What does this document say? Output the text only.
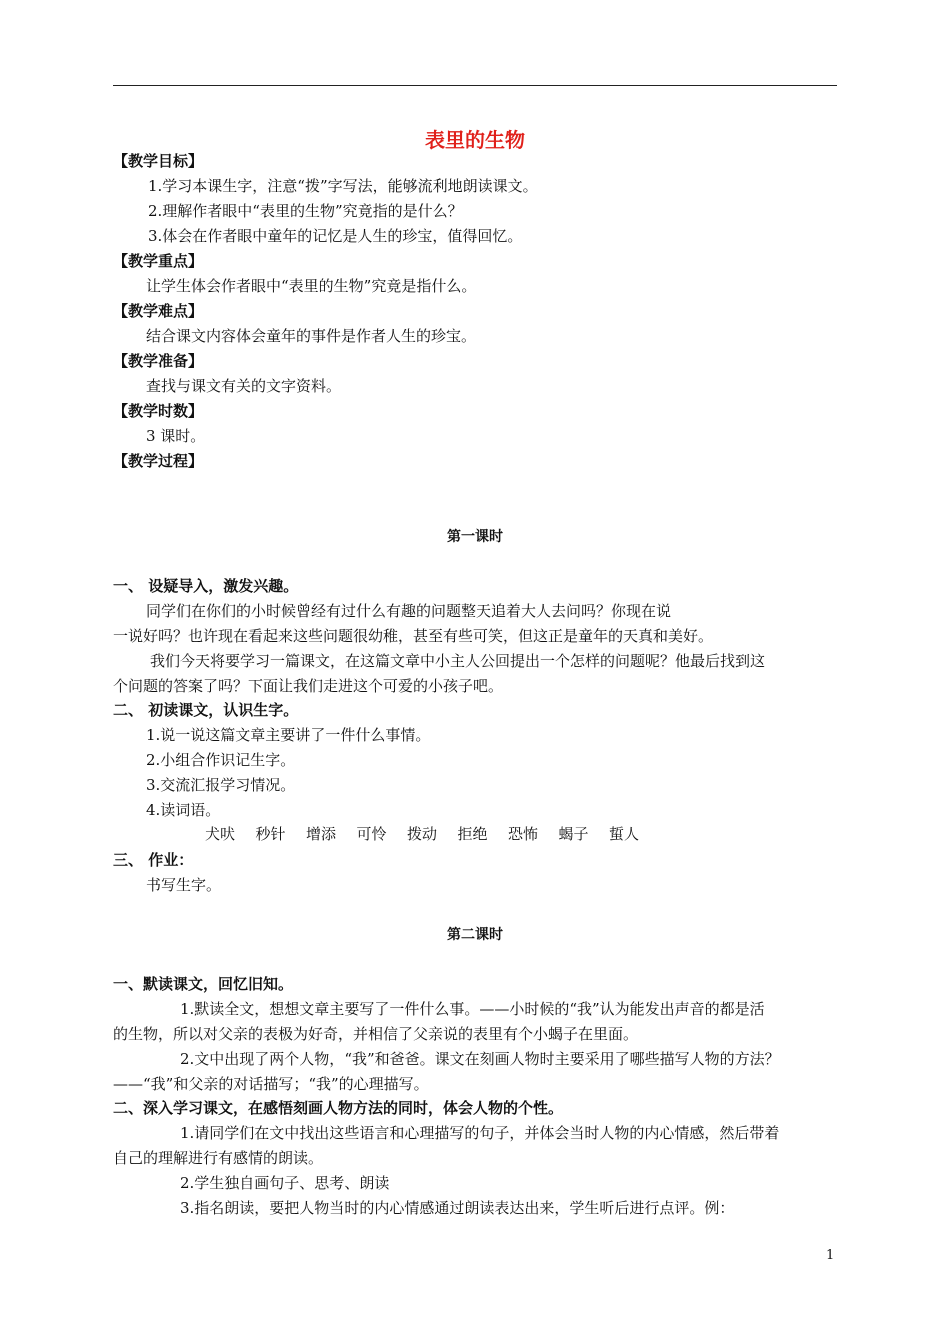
表里的生物
【教学目标】
1.学习本课生字，注意“拨”字写法，能够流利地朗读课文。
2.理解作者眼中“表里的生物”究竟指的是什么？
3.体会在作者眼中童年的记忆是人生的珍宝，值得回忆。
【教学重点】
让学生体会作者眼中“表里的生物”究竟是指什么。
【教学难点】
结合课文内容体会童年的事件是作者人生的珍宝。
【教学准备】
查找与课文有关的文字资料。
【教学时数】
3 课时。
【教学过程】
第一课时
一、 设疑导入，激发兴趣。
同学们在你们的小时候曾经有过什么有趣的问题整天追着大人去问吗？你现在说
一说好吗？也许现在看起来这些问题很幼稚，甚至有些可笑，但这正是童年的天真和美好。
我们今天将要学习一篇课文，在这篇文章中小主人公回提出一个怎样的问题呢？他最后找到这
个问题的答案了吗？下面让我们走进这个可爱的小孩子吧。
二、 初读课文，认识生字。
1.说一说这篇文章主要讲了一件什么事情。
2.小组合作识记生字。
3.交流汇报学习情况。
4.读词语。
犬吠	秒针	增添	可怜	拨动	拒绝	恐怖	蝎子	蜇人
三、 作业：
书写生字。
第二课时
一、默读课文，回忆旧知。
1.默读全文，想想文章主要写了一件什么事。——小时候的“我”认为能发出声音的都是活
的生物，所以对父亲的表极为好奇，并相信了父亲说的表里有个小蝎子在里面。
2.文中出现了两个人物，“我”和爸爸。课文在刻画人物时主要采用了哪些描写人物的方法？
——“我”和父亲的对话描写；“我”的心理描写。
二、深入学习课文，在感悟刻画人物方法的同时，体会人物的个性。
1.请同学们在文中找出这些语言和心理描写的句子，并体会当时人物的内心情感，然后带着
自己的理解进行有感情的朗读。
2.学生独自画句子、思考、朗读
3.指名朗读，要把人物当时的内心情感通过朗读表达出来，学生听后进行点评。例：
1
